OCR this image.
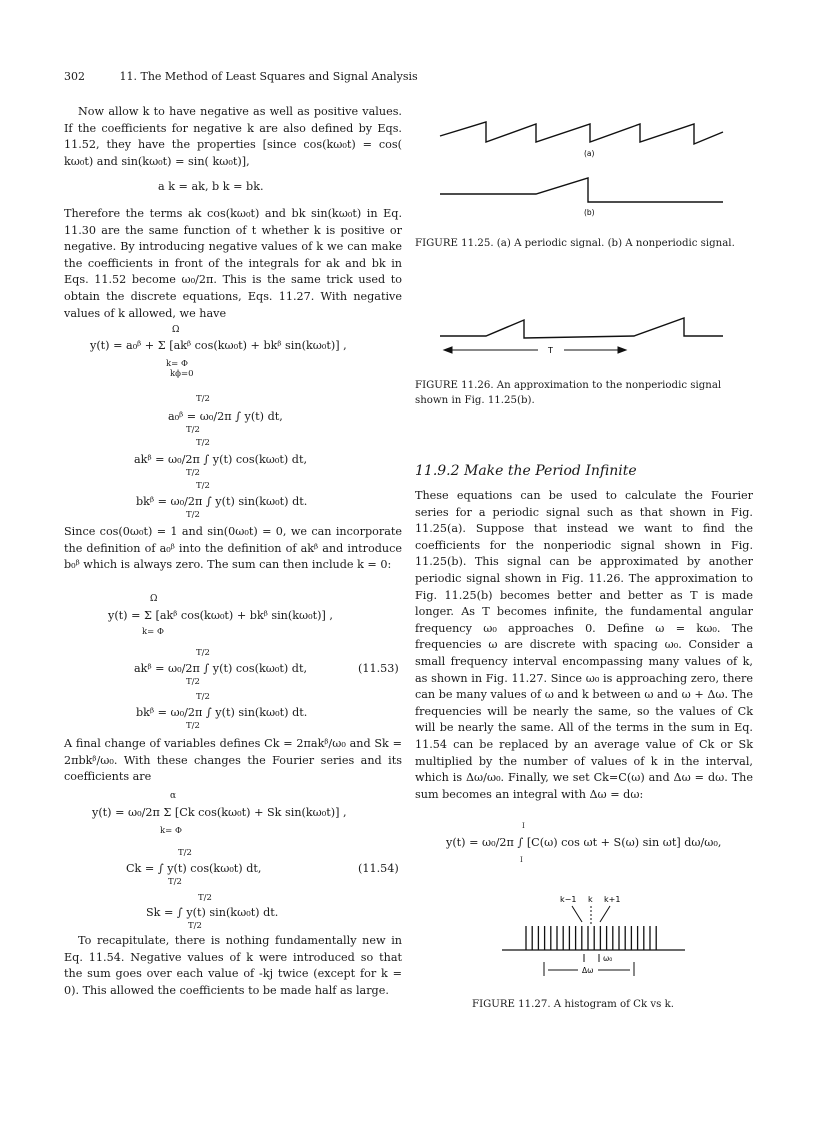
302	11. The Method of Least Squares and Signal Analysis

Now allow k to have negative as well as positive values. If the coefficients for negative k are also defined by Eqs. 11.52, they have the properties [since cos(kω₀t) = cos( kω₀t) and sin(kω₀t) = sin( kω₀t)],

a k = ak, b k = bk.

Therefore the terms ak cos(kω₀t) and bk sin(kω₀t) in Eq. 11.30 are the same function of t whether k is positive or negative. By introducing negative values of k we can make the coefficients in front of the integrals for ak and bk in Eqs. 11.52 become ω₀/2π. This is the same trick used to obtain the discrete equations, Eqs. 11.27. With negative values of k allowed, we have

y(t) = a₀ᵝ + Σ [akᵝ cos(kω₀t) + bkᵝ sin(kω₀t)] ,
Ω
k= Φ
kϕ=0
T/2
a₀ᵝ = ω₀/2π ∫ y(t) dt,
T/2
T/2
akᵝ = ω₀/2π ∫ y(t) cos(kω₀t) dt,
T/2
T/2
bkᵝ = ω₀/2π ∫ y(t) sin(kω₀t) dt.
T/2

Since cos(0ω₀t) = 1 and sin(0ω₀t) = 0, we can incorporate the definition of a₀ᵝ into the definition of akᵝ and introduce b₀ᵝ which is always zero. The sum can then include k = 0:

Ω
y(t) = Σ [akᵝ cos(kω₀t) + bkᵝ sin(kω₀t)] ,
k= Φ
T/2
akᵝ = ω₀/2π ∫ y(t) cos(kω₀t) dt,	(11.53)
T/2
T/2
bkᵝ = ω₀/2π ∫ y(t) sin(kω₀t) dt.
T/2

A final change of variables defines Ck = 2πakᵝ/ω₀ and Sk = 2πbkᵝ/ω₀. With these changes the Fourier series and its coefficients are

α
y(t) = ω₀/2π Σ [Ck cos(kω₀t) + Sk sin(kω₀t)] ,
k= Φ
T/2
Ck = ∫ y(t) cos(kω₀t) dt,	(11.54)
T/2
T/2
Sk = ∫ y(t) sin(kω₀t) dt.
T/2

To recapitulate, there is nothing fundamentally new in Eq. 11.54. Negative values of k were introduced so that the sum goes over each value of -kj twice (except for k = 0). This allowed the coefficients to be made half as large.

(a)
(b)

FIGURE 11.25. (a) A periodic signal. (b) A nonperiodic signal.

T

FIGURE 11.26. An approximation to the nonperiodic signal shown in Fig. 11.25(b).

11.9.2 Make the Period Infinite

These equations can be used to calculate the Fourier series for a periodic signal such as that shown in Fig. 11.25(a). Suppose that instead we want to find the coefficients for the nonperiodic signal shown in Fig. 11.25(b). This signal can be approximated by another periodic signal shown in Fig. 11.26. The approximation to Fig. 11.25(b) becomes better and better as T is made longer. As T becomes infinite, the fundamental angular frequency ω₀ approaches 0. Define ω = kω₀. The frequencies ω are discrete with spacing ω₀. Consider a small frequency interval encompassing many values of k, as shown in Fig. 11.27. Since ω₀ is approaching zero, there can be many values of ω and k between ω and ω + Δω. The frequencies will be nearly the same, so the values of Ck will be nearly the same. All of the terms in the sum in Eq. 11.54 can be replaced by an average value of Ck or Sk multiplied by the number of values of k in the interval, which is Δω/ω₀. Finally, we set Ck=C(ω) and Δω = dω. The sum becomes an integral with Δω = dω:

I
y(t) = ω₀/2π ∫ [C(ω) cos ωt + S(ω) sin ωt] dω/ω₀,
I
k−1 k k+1
ω₀
Δω

FIGURE 11.27. A histogram of Ck vs k.
